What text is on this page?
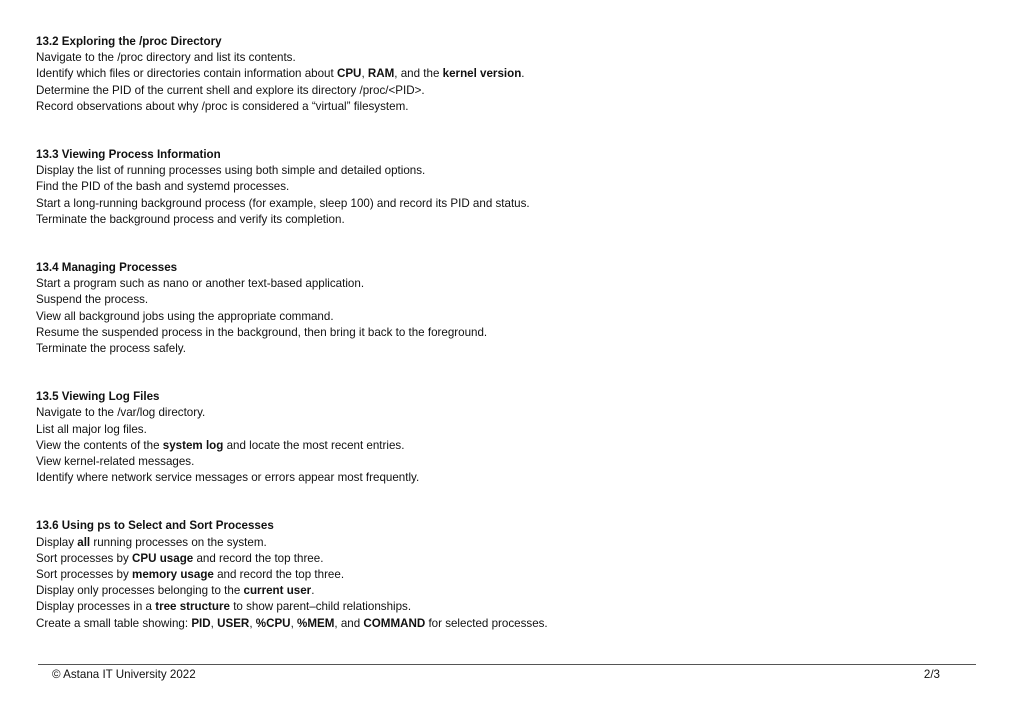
13.2 Exploring the /proc Directory

Navigate to the /proc directory and list its contents.

Identify which files or directories contain information about CPU, RAM, and the kernel version.

Determine the PID of the current shell and explore its directory /proc/<PID>.

Record observations about why /proc is considered a “virtual” filesystem.

13.3 Viewing Process Information

Display the list of running processes using both simple and detailed options.

Find the PID of the bash and systemd processes.

Start a long-running background process (for example, sleep 100) and record its PID and status.

Terminate the background process and verify its completion.

13.4 Managing Processes

Start a program such as nano or another text-based application.

Suspend the process.

View all background jobs using the appropriate command.

Resume the suspended process in the background, then bring it back to the foreground.

Terminate the process safely.

13.5 Viewing Log Files

Navigate to the /var/log directory.

List all major log files.

View the contents of the system log and locate the most recent entries.

View kernel-related messages.

Identify where network service messages or errors appear most frequently.

13.6 Using ps to Select and Sort Processes

Display all running processes on the system.

Sort processes by CPU usage and record the top three.

Sort processes by memory usage and record the top three.

Display only processes belonging to the current user.

Display processes in a tree structure to show parent–child relationships.

Create a small table showing: PID, USER, %CPU, %MEM, and COMMAND for selected processes.

© Astana IT University 2022	2/3
